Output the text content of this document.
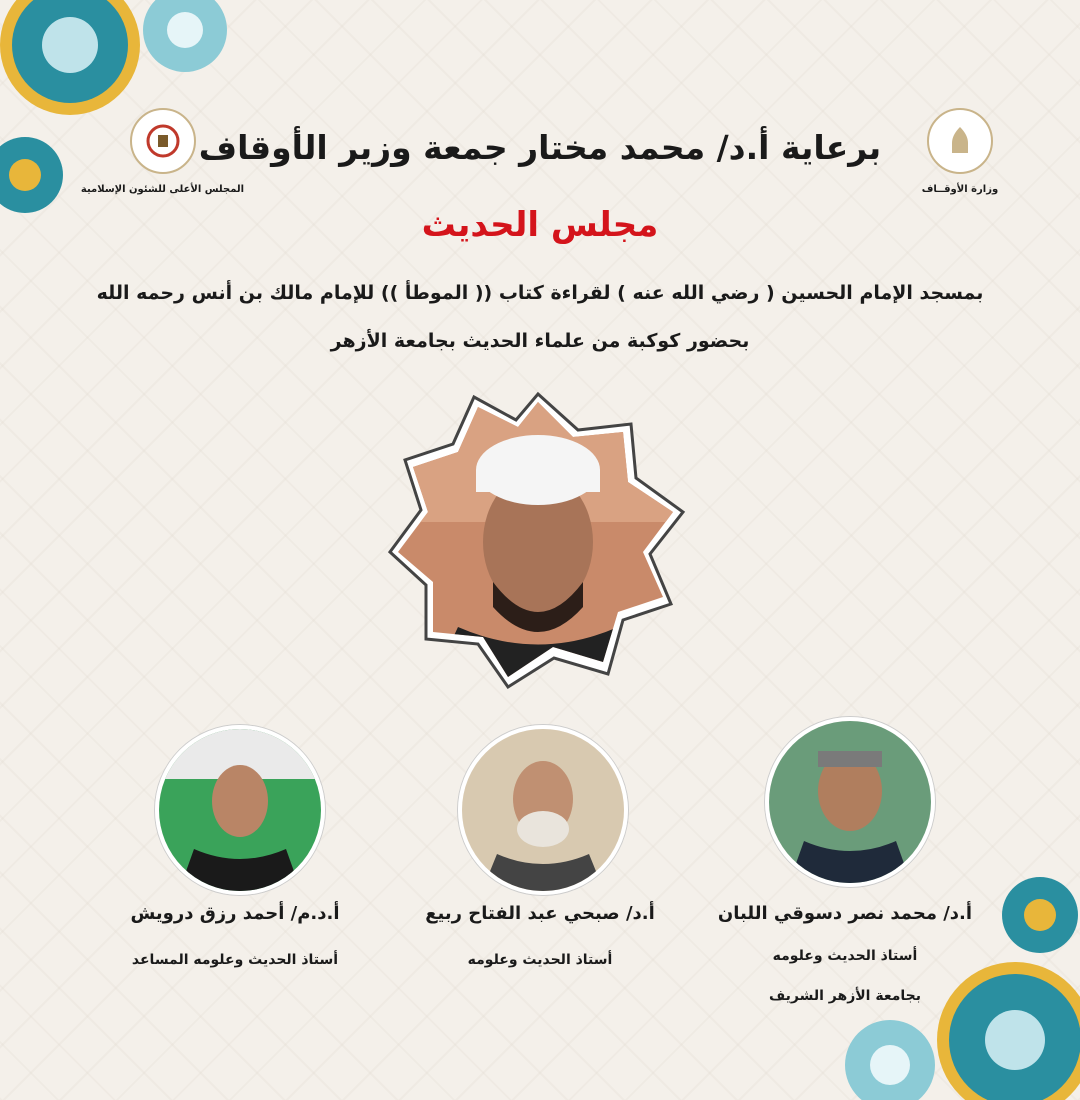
وزارة الأوقــاف
المجلس الأعلى للشئون الإسلامية
برعاية أ.د/ محمد مختار جمعة وزير الأوقاف
مجلس الحديث
بمسجد الإمام الحسين ( رضي الله عنه ) لقراءة كتاب (( الموطأ )) للإمام مالك بن أنس رحمه الله
بحضور كوكبة من علماء الحديث بجامعة الأزهر
أ.د/ محمد نصر دسوقي اللبان
أستاذ الحديث وعلومه
بجامعة الأزهر الشريف
أ.د/ صبحي عبد الفتاح ربيع
أستاذ الحديث وعلومه
أ.د.م/ أحمد رزق درويش
أستاذ الحديث وعلومه المساعد
